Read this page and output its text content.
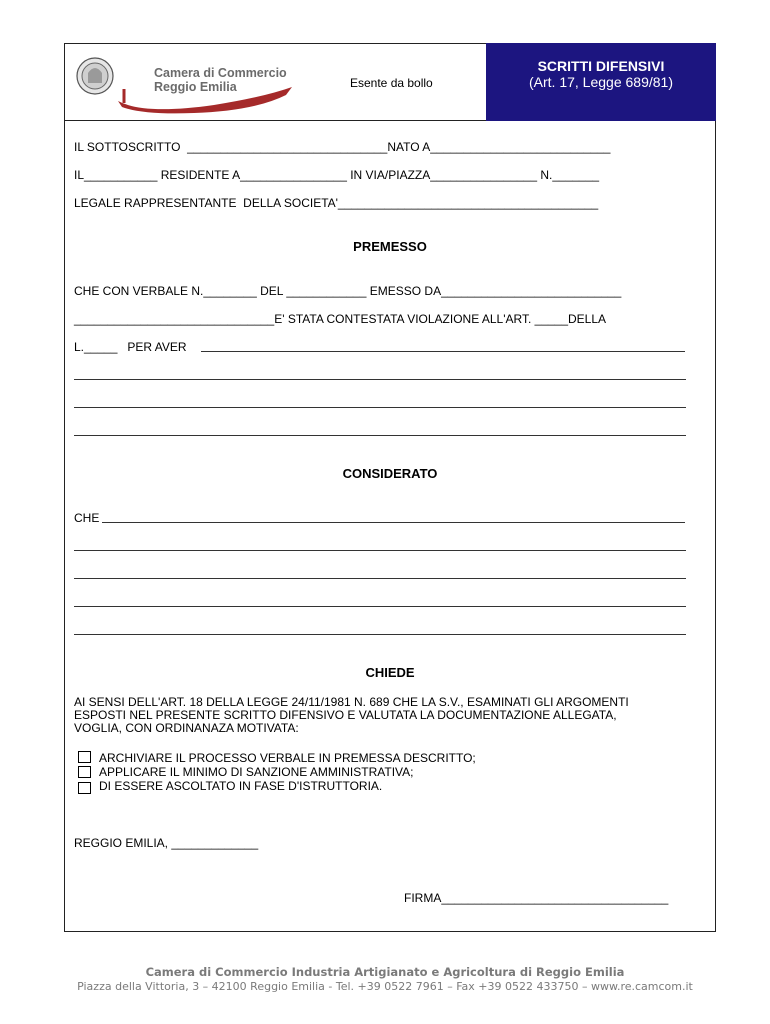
Camera di Commercio
Reggio Emilia	Esente da bollo
SCRITTI DIFENSIVI
(Art. 17, Legge 689/81)
IL SOTTOSCRITTO  ______________________________NATO A___________________________
IL___________ RESIDENTE A________________ IN VIA/PIAZZA________________ N._______
LEGALE RAPPRESENTANTE  DELLA SOCIETA'_______________________________________
PREMESSO
CHE CON VERBALE N.________ DEL ____________ EMESSO DA___________________________
______________________________E' STATA CONTESTATA VIOLAZIONE ALL'ART. _____DELLA
L._____   PER AVER
CONSIDERATO
CHE
CHIEDE
AI SENSI DELL'ART. 18 DELLA LEGGE 24/11/1981 N. 689 CHE LA S.V., ESAMINATI GLI ARGOMENTI
ESPOSTI NEL PRESENTE SCRITTO DIFENSIVO E VALUTATA LA DOCUMENTAZIONE ALLEGATA,
VOGLIA, CON ORDINANAZA MOTIVATA:
ARCHIVIARE IL PROCESSO VERBALE IN PREMESSA DESCRITTO;
APPLICARE IL MINIMO DI SANZIONE AMMINISTRATIVA;
DI ESSERE ASCOLTATO IN FASE D'ISTRUTTORIA.
REGGIO EMILIA, _____________
FIRMA__________________________________
Camera di Commercio Industria Artigianato e Agricoltura di Reggio Emilia
Piazza della Vittoria, 3 – 42100 Reggio Emilia - Tel. +39 0522 7961 – Fax +39 0522 433750 – www.re.camcom.it
